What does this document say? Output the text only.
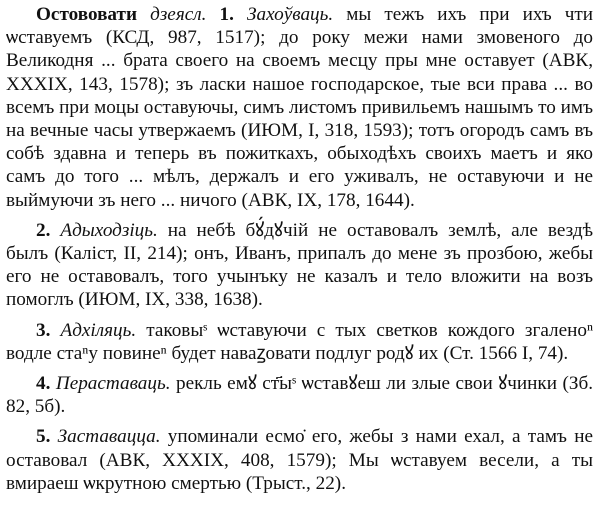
Остововати дзеясл. 1. Захоўваць. мы тежъ ихъ при ихъ чти ѡставуемъ (КСД, 987, 1517); до року межи нами змовеного до Великодня ... брата своего на своемъ месцу пры мне оставует (АВК, XXXIX, 143, 1578); зъ ласки нашое господарское, тые вси права ... во всемъ при моцы оставуючы, симъ листомъ привильемъ нашымъ то имъ на вечные часы утвержаемъ (ИЮМ, I, 318, 1593); тотъ огородъ самъ въ собѣ здавна и теперь въ пожиткахъ, обыходѣхъ своихъ маетъ и яко самъ до того ... мѣлъ, держалъ и его уживалъ, не оставуючи и не выймуючи зъ него ... ничого (АВК, IX, 178, 1644).

2. Адыходзіць. на небѣ бꙋ́дꙋчій не оставовалъ землѣ, але вездѣ былъ (Каліст, II, 214); онъ, Иванъ, припалъ до мене зъ прозбою, жебы его не оставовалъ, того учынъку не казалъ и тело вложити на возъ помоглъ (ИЮМ, IX, 338, 1638).

3. Адхіляць. таковыˢ ѡставуючи с тых светков кождого згаленоⁿ водле стаⁿу повинеⁿ будет наваꙁовати подлуг родꙋ их (Ст. 1566 I, 74).

4. Пераставаць. рекль емꙋ ст҃ыˢ ѡставꙋеш ли злые свои ꙋчинки (Зб. 82, 5б).

5. Заставацца. упоминали есмо̇ его, жебы з нами ехал, а тамъ не оставовал (АВК, XXXIX, 408, 1579); Мы ѡставуем весели, а ты вмираеш ѡкрутною смертью (Трыст., 22).
